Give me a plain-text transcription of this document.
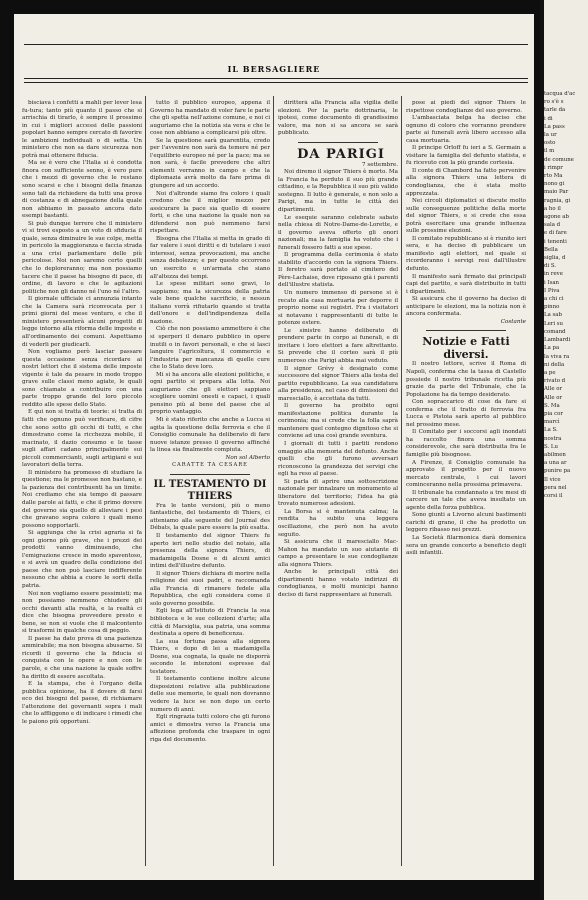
IL BERSAGLIERE

bisciava i confetti a mahli per lever lesa fu-tura; tanto più quanto il passo che si arrischia di tirarlo, è sempre il prossimo in cui i migliori accessi delle passioni popolari hanno sempre cercato di favorire le ambizioni individuali o di setta. Un ministero che non sa dare sicurezza non potrà mai ottenere fiducia.

Ma se è vero che l'Italia si è condotta finora con sufficiente senno, è vero pure che i mezzi di governo che le restano sono scarsi e che i bisogni della finanza sono tali da richiedere da tutti una prova di costanza e di abnegazione della quale non abbiamo in passato ancora dato esempi bastanti.

Si può dunque terrere che il ministero vi si trovi esposto a un voto di sfiducia il quale, senza diminuire le sue colpe, metta in pericolo la maggioranza e faccia strada a una crisi parlamentare delle più pericolose. Noi non saremo certo quelli che lo deploreranno; ma non possiamo tacere che il paese ha bisogno di pace, di ordine, di lavoro e che le agitazioni politiche non gli danno né l'uno né l'altro.

Il giornale ufficiale ci annunzia intanto che la Camera sarà riconvocata per i primi giorni del mese venturo, e che il ministero presenterà alcuni progetti di legge intorno alla riforma delle imposte e all'ordinamento dei comuni. Aspettiamo di vederli per giudicarli.

Non vogliamo però lasciar passare questa occasione senza ricordare ai nostri lettori che il sistema delle imposte vigente è tale da pesare in modo troppo grave sulle classi meno agiate, le quali sono chiamate a contribuire con una parte troppo grande del loro piccolo reddito alle spese dello Stato.

E qui non si tratta di teorie: si tratta di fatti che ognuno può verificare, di cifre che sono sotto gli occhi di tutti, e che dimostrano come la ricchezza mobile, il macinato, il dazio consumo e le tasse sugli affari cadano principalmente sui piccoli commercianti, sugli artigiani e sui lavoratori della terra.

Il ministero ha promesso di studiare la questione; ma le promesse non bastano, e la pazienza dei contribuenti ha un limite. Noi crediamo che sia tempo di passare dalle parole ai fatti, e che il primo dovere del governo sia quello di alleviare i pesi che gravano sopra coloro i quali meno possono sopportarli.

Si aggiunga che la crisi agraria si fa ogni giorno più grave, che i prezzi dei prodotti vanno diminuendo, che l'emigrazione cresce in modo spaventoso, e si avrà un quadro della condizione del paese che non può lasciare indifferente nessuno che abbia a cuore le sorti della patria.

Noi non vogliamo essere pessimisti; ma non possiamo nemmeno chiudere gli occhi davanti alla realtà, e la realtà ci dice che bisogna provvedere presto e bene, se non si vuole che il malcontento si trasformi in qualche cosa di peggio.

Il paese ha dato prova di una pazienza ammirabile; ma non bisogna abusarne. Si ricordi il governo che la fiducia si conquista con le opere e non con le parole, e che una nazione la quale soffre ha diritto di essere ascoltata.

E la stampa, che è l'organo della pubblica opinione, ha il dovere di farsi eco dei bisogni del paese, di richiamare l'attenzione dei governanti sopra i mali che lo affliggono e di indicare i rimedi che le paiono più opportuni.

tutto il pubblico europeo, appena il Governo ha mandato di voler fare le parte che gli spetta nell'azione comune, e noi ci auguriamo che la notizia sia vera e che le cose non abbiano a complicarsi più oltre.

Se la questione sarà guarentita, credo per l'avvenire non sarà da temere né per l'equilibrio europeo né per la pace; ma se non sarà, è facile prevedere che altri elementi verranno in campo e che la diplomazia avrà molto da fare prima di giungere ad un accordo.

Noi d'altronde siamo fra coloro i quali credono che il miglior mezzo per assicurare la pace sia quello di essere forti, e che una nazione la quale non sa difendersi non può nemmeno farsi rispettare.

Bisogna che l'Italia si metta in grado di far valere i suoi diritti e di tutelare i suoi interessi, senza provocazioni, ma anche senza debolezze; e per questo occorrono un esercito e un'armata che siano all'altezza dei tempi.

Le spese militari sono gravi, lo sappiamo; ma la sicurezza della patria vale bene qualche sacrificio, e nessun italiano vorrà rifiutarlo quando si tratta dell'onore e dell'indipendenza della nazione.

Ciò che non possiamo ammettere è che si sperperi il denaro pubblico in opere inutili o in favori personali, e che si lasci languire l'agricoltura, il commercio e l'industria per mancanza di quelle cure che lo Stato deve loro.

Mi si ha ancora alle elezioni politiche, e ogni partito si prepara alla lotta. Noi auguriamo che gli elettori sappiano scegliere uomini onesti e capaci, i quali pensino più al bene del paese che al proprio vantaggio.

Mi è stato riferito che anche a Lucca si agita la questione della ferrovia e che il Consiglio comunale ha deliberato di fare nuove istanze presso il governo affinché la linea sia finalmente compiuta.

Non sol Alberto

CARATTE TA CESARE

IL TESTAMENTO DI THIERS

Fra le tante versioni, più o meno fantastiche, del testamento di Thiers, ci atteniamo alla seguente del Journal des Débats, la quale pare essere la più esatta.

Il testamento del signor Thiers fu aperto ieri nello studio del notaio, alla presenza della signora Thiers, di madamigella Dosne e di alcuni amici intimi dell'illustre defunto.

Il signor Thiers dichiara di morire nella religione dei suoi padri, e raccomanda alla Francia di rimanere fedele alla Repubblica, che egli considera come il solo governo possibile.

Egli lega all'Istituto di Francia la sua biblioteca e le sue collezioni d'arte; alla città di Marsiglia, sua patria, una somma destinata a opere di beneficenza.

La sua fortuna passa alla signora Thiers, e dopo di lei a madamigella Dosne, sua cognata, la quale ne disporrà secondo le intenzioni espresse dal testatore.

Il testamento contiene inoltre alcune disposizioni relative alla pubblicazione delle sue memorie, le quali non dovranno vedere la luce se non dopo un certo numero di anni.

Egli ringrazia tutti coloro che gli furono amici e dimostra verso la Francia una affezione profonda che traspare in ogni riga del documento.

diritterà alla Francia alla vigilia delle elezioni. Per la parte dottrinaria, le ipotesi, come documento di grandissimo valore, ma non si sa ancora se sarà pubblicato.

DA PARIGI

7 settembre.

Noi diremo il signor Thiers è morto. Ma la Francia ha perduto il suo più grande cittadino, e la Repubblica il suo più valido sostegno. Il lutto è generale, e non solo a Parigi, ma in tutte le città dei dipartimenti.

Le esequie saranno celebrate sabato nella chiesa di Notre-Dame-de-Lorette, e il governo aveva offerto gli onori nazionali; ma la famiglia ha voluto che i funerali fossero fatti a sue spese.

Il programma della cerimonia è stato stabilito d'accordo con la signora Thiers. Il feretro sarà portato al cimitero del Père-Lachaise, dove riposano già i parenti dell'illustre statista.

Un numero immenso di persone si è recato alla casa mortuaria per deporre il proprio nome sui registri. Fra i visitatori si notavano i rappresentanti di tutte le potenze estere.

Le sinistre hanno deliberato di prendere parte in corpo ai funerali, e di invitare i loro elettori a fare altrettanto. Si prevede che il corteo sarà il più numeroso che Parigi abbia mai veduto.

Il signor Grévy è designato come successore del signor Thiers alla testa del partito repubblicano. La sua candidatura alla presidenza, nel caso di dimissioni del maresciallo, è accettata da tutti.

Il governo ha proibito ogni manifestazione politica durante la cerimonia; ma si crede che la folla saprà mantenere quel contegno dignitoso che si conviene ad una così grande sventura.

I giornali di tutti i partiti rendono omaggio alla memoria del defunto. Anche quelli che gli furono avversari riconoscono la grandezza dei servigi che egli ha reso al paese.

Si parla di aprire una sottoscrizione nazionale per innalzare un monumento al liberatore del territorio; l'idea ha già trovato numerose adesioni.

La Borsa si è mantenuta calma; la rendita ha subito una leggera oscillazione, che però non ha avuto seguito.

Si assicura che il maresciallo Mac-Mahon ha mandato un suo aiutante di campo a presentare le sue condoglianze alla signora Thiers.

Anche le principali città dei dipartimenti hanno votato indirizzi di condoglianza, e molti municipi hanno deciso di farsi rappresentare ai funerali.

pose ai piedi del signor Thiers le rispettose condoglianze del suo governo.

L'ambasciata belga ha deciso che ognuno di coloro che vorranno prendere parte ai funerali avrà libero accesso alla casa mortuaria.

Il principe Orloff fu ieri a S. Germain a visitare la famiglia del defunto statista, e fu ricevuto con la più grande cortesia.

Il conte di Chambord ha fatto pervenire alla signora Thiers una lettera di condoglianza, che è stata molto apprezzata.

Nei circoli diplomatici si discute molto sulle conseguenze politiche della morte del signor Thiers, e si crede che essa potrà esercitare una grande influenza sulle prossime elezioni.

Il comitato repubblicano si è riunito ieri sera, e ha deciso di pubblicare un manifesto agli elettori, nel quale si ricorderanno i servigi resi dall'illustre defunto.

Il manifesto sarà firmato dai principali capi del partito, e sarà distribuito in tutti i dipartimenti.

Si assicura che il governo ha deciso di anticipare le elezioni, ma la notizia non è ancora confermata.

Costante

Notizie e Fatti diversi.

Il nostro lettore, scrive il Roma di Napoli, conferma che la tassa di Castello possiede il nostro tribunale ricetta più grazie da parte del Tribunale, che la Popolazione ha da tempo desiderato.

Con sopraccarico di cose da fare si conferma che il tratto di ferrovia fra Lucca e Pistoia sarà aperto al pubblico nel prossimo mese.

Il Comitato per i soccorsi agli inondati ha raccolto finora una somma considerevole, che sarà distribuita fra le famiglie più bisognose.

A Firenze, il Consiglio comunale ha approvato il progetto per il nuovo mercato centrale, i cui lavori cominceranno nella prossima primavera.

Il tribunale ha condannato a tre mesi di carcere un tale che aveva insultato un agente della forza pubblica.

Sono giunti a Livorno alcuni bastimenti carichi di grano, il che ha prodotto un leggero ribasso nei prezzi.

La Società filarmonica darà domenica sera un grande concerto a beneficio degli asili infantili.

tacqua d'ac
ro s'è s
tarle da
i di
La pass
la ur
osto
il m
de comune
i rimpr
rto Ma
nono gi
maio Par
ragnia, gi
a ho il
agone ab
sala d
e di fare
i tenenti
Bella
siglia, d
di S.
in reve
i Isan
I Piva
a chi ci
pinno
La sab
Leri su
comand
Lambardi
La pa
la viva ra
ni della
a pe
rivato d
Alle or
Alle or
S. Ma
pia cor
marcì
La S.
nostra
S. Lu
abilmen
a una ar
punire pa
Il vice
pera nel
corsi il
